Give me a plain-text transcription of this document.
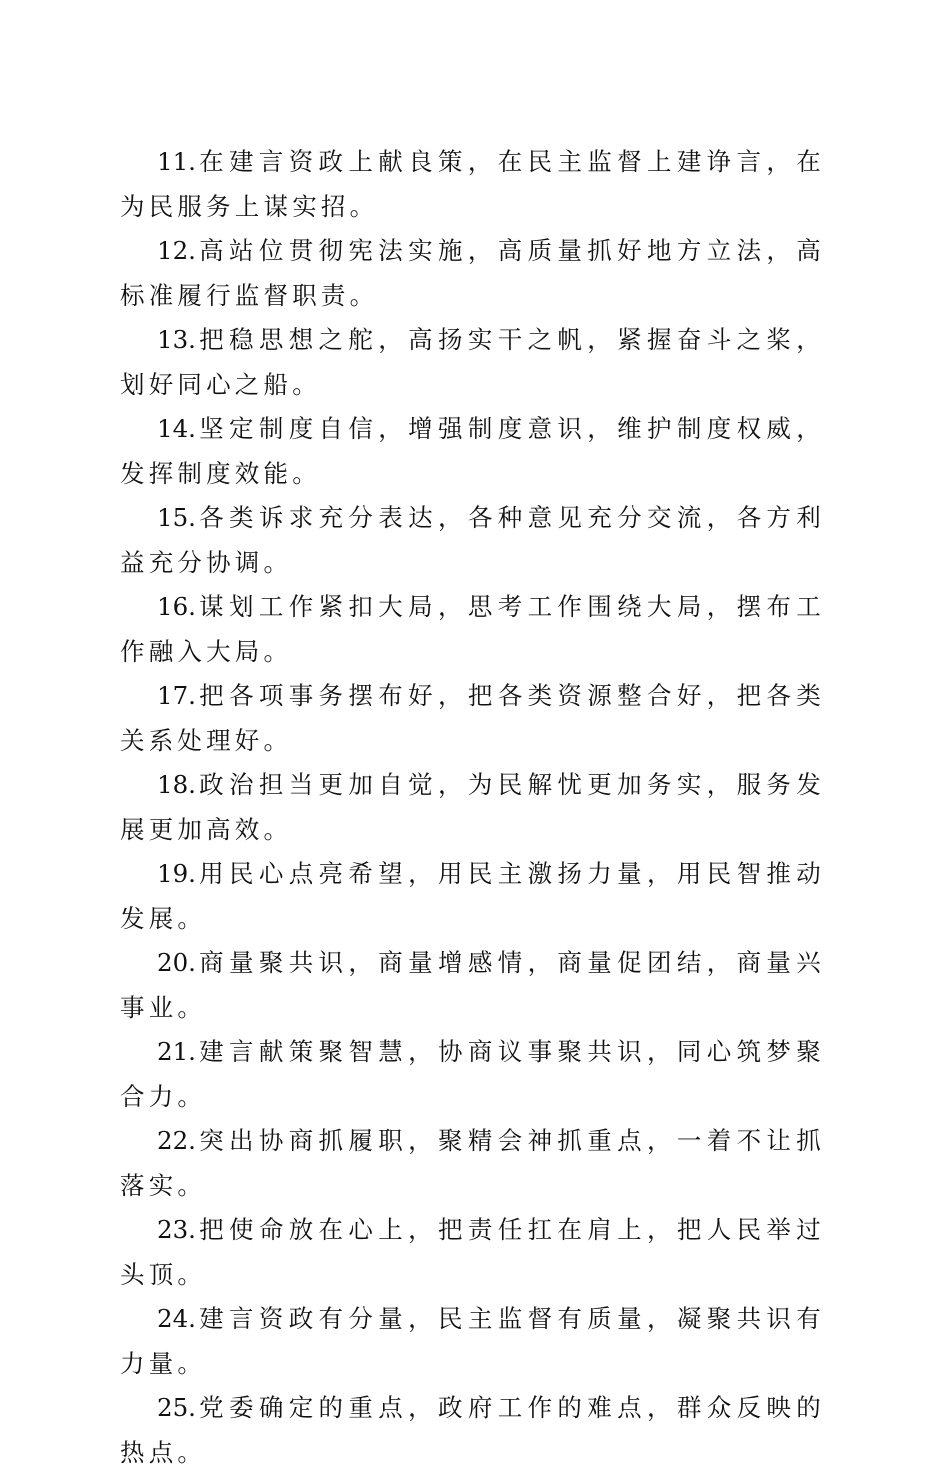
11.在建言资政上献良策，在民主监督上建诤言，在为民服务上谋实招。

12.高站位贯彻宪法实施，高质量抓好地方立法，高标准履行监督职责。

13.把稳思想之舵，高扬实干之帆，紧握奋斗之桨，划好同心之船。

14.坚定制度自信，增强制度意识，维护制度权威，发挥制度效能。

15.各类诉求充分表达，各种意见充分交流，各方利益充分协调。

16.谋划工作紧扣大局，思考工作围绕大局，摆布工作融入大局。

17.把各项事务摆布好，把各类资源整合好，把各类关系处理好。

18.政治担当更加自觉，为民解忧更加务实，服务发展更加高效。

19.用民心点亮希望，用民主激扬力量，用民智推动发展。

20.商量聚共识，商量增感情，商量促团结，商量兴事业。

21.建言献策聚智慧，协商议事聚共识，同心筑梦聚合力。

22.突出协商抓履职，聚精会神抓重点，一着不让抓落实。

23.把使命放在心上，把责任扛在肩上，把人民举过头顶。

24.建言资政有分量，民主监督有质量，凝聚共识有力量。

25.党委确定的重点，政府工作的难点，群众反映的热点。
